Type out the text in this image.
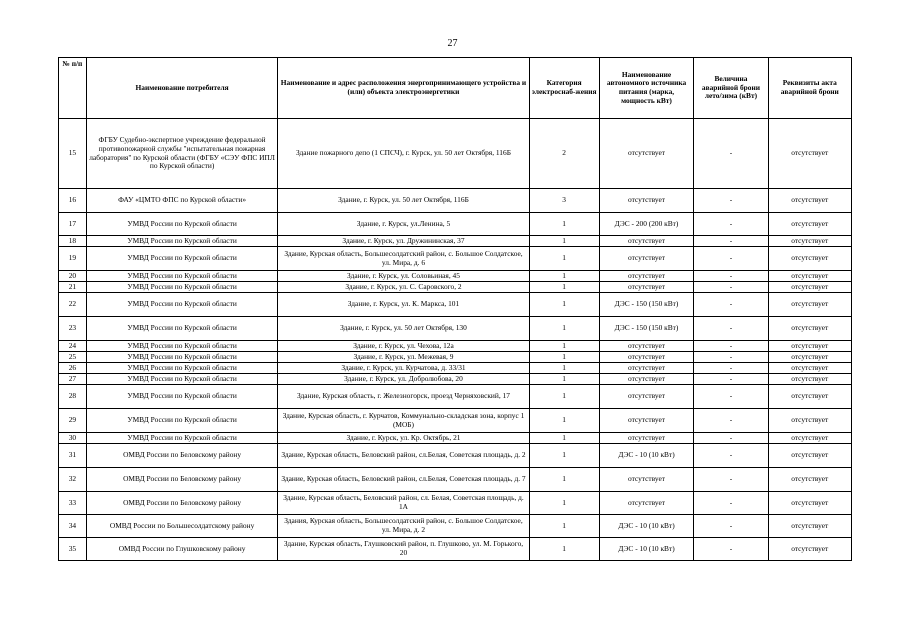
27
№ п/п	Наименование потребителя	Наименование и адрес расположения энергопринимающего устройства и (или) объекта электроэнергетики	Категория электроснаб-жения	Наименование автономного источника питания (марка, мощность кВт)	Величина аварийной брони лето/зима (кВт)	Реквизиты акта аварийной брони
15	ФГБУ Судебно-экспертное учреждение федеральной противопожарной службы "испытательная пожарная лаборатория" по Курской области (ФГБУ «СЭУ ФПС ИПЛ по Курской области)	Здание пожарного депо (1 СПСЧ), г. Курск, ул. 50 лет Октября, 116Б	2	отсутствует	-	отсутствует
16	ФАУ «ЦМТО ФПС по Курской области»	Здание, г. Курск, ул. 50 лет Октября, 116Б	3	отсутствует	-	отсутствует
17	УМВД России по Курской области	Здание, г. Курск, ул.Ленина, 5	1	ДЭС - 200 (200 кВт)	-	отсутствует
18	УМВД России по Курской области	Здание, г. Курск, ул. Дружининская, 37	1	отсутствует	-	отсутствует
19	УМВД России по Курской области	Здание, Курская область, Большесолдатский район, с. Большое Солдатское, ул. Мира, д. 6	1	отсутствует	-	отсутствует
20	УМВД России по Курской области	Здание, г. Курск, ул. Соловьиная, 45	1	отсутствует	-	отсутствует
21	УМВД России по Курской области	Здание, г. Курск, ул. С. Саровского, 2	1	отсутствует	-	отсутствует
22	УМВД России по Курской области	Здание, г. Курск, ул. К. Маркса, 101	1	ДЭС - 150 (150 кВт)	-	отсутствует
23	УМВД России по Курской области	Здание, г. Курск, ул. 50 лет Октября, 130	1	ДЭС - 150 (150 кВт)	-	отсутствует
24	УМВД России по Курской области	Здание, г. Курск, ул. Чехова, 12а	1	отсутствует	-	отсутствует
25	УМВД России по Курской области	Здание, г. Курск, ул. Межевая, 9	1	отсутствует	-	отсутствует
26	УМВД России по Курской области	Здание, г. Курск, ул. Курчатова, д. 33/31	1	отсутствует	-	отсутствует
27	УМВД России по Курской области	Здание, г. Курск, ул. Добролюбова, 20	1	отсутствует	-	отсутствует
28	УМВД России по Курской области	Здание, Курская область, г. Железногорск, проезд Черняховский, 17	1	отсутствует	-	отсутствует
29	УМВД России по Курской области	Здание, Курская область, г. Курчатов, Коммунально-складская зона, корпус 1 (МОБ)	1	отсутствует	-	отсутствует
30	УМВД России по Курской области	Здание, г. Курск, ул. Кр. Октябрь, 21	1	отсутствует	-	отсутствует
31	ОМВД России по Беловскому району	Здание, Курская область, Беловский район, сл.Белая, Советская площадь, д. 2	1	ДЭС - 10 (10 кВт)	-	отсутствует
32	ОМВД России по Беловскому району	Здание, Курская область, Беловский район, сл.Белая, Советская площадь, д. 7	1	отсутствует	-	отсутствует
33	ОМВД России по Беловскому району	Здание, Курская область, Беловский район, сл. Белая, Советская площадь, д. 1А	1	отсутствует	-	отсутствует
34	ОМВД России по Большесолдатскому району	Здания, Курская область, Большесолдатский район, с. Большое Солдатское, ул. Мира, д. 2	1	ДЭС - 10 (10 кВт)	-	отсутствует
35	ОМВД России по Глушковскому району	Здание, Курская область, Глушковский район, п. Глушково, ул. М. Горького, 20	1	ДЭС - 10 (10 кВт)	-	отсутствует
